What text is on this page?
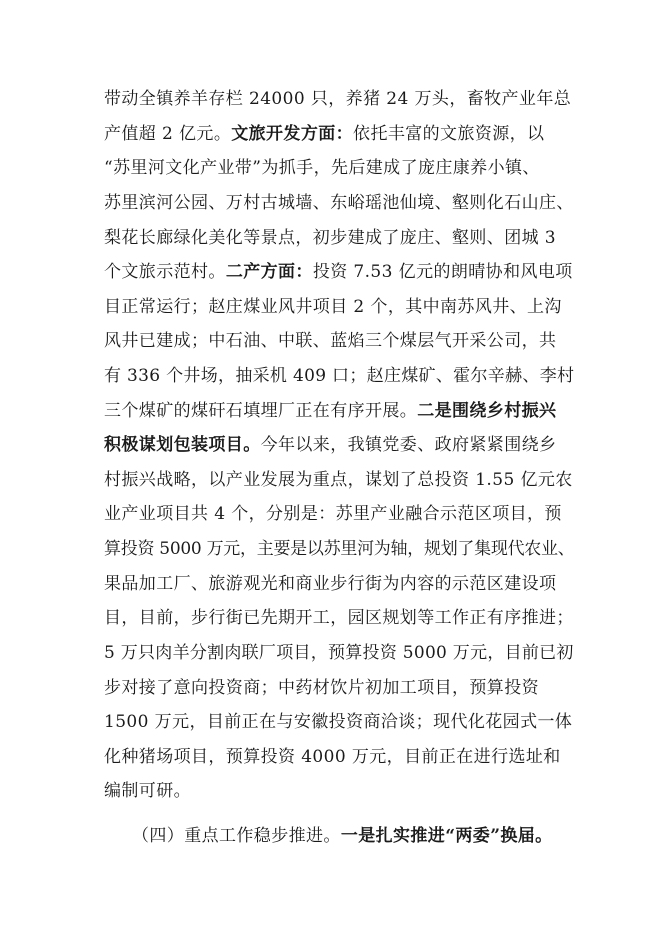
带动全镇养羊存栏 24000 只，养猪 24 万头，畜牧产业年总
产值超 2 亿元。文旅开发方面：依托丰富的文旅资源，以
“苏里河文化产业带”为抓手，先后建成了庞庄康养小镇、
苏里滨河公园、万村古城墙、东峪瑶池仙境、壑则化石山庄、
梨花长廊绿化美化等景点，初步建成了庞庄、壑则、团城 3
个文旅示范村。二产方面：投资 7.53 亿元的朗晴协和风电项
目正常运行；赵庄煤业风井项目 2 个，其中南苏风井、上沟
风井已建成；中石油、中联、蓝焰三个煤层气开采公司，共
有 336 个井场，抽采机 409 口；赵庄煤矿、霍尔辛赫、李村
三个煤矿的煤矸石填埋厂正在有序开展。二是围绕乡村振兴
积极谋划包装项目。今年以来，我镇党委、政府紧紧围绕乡
村振兴战略，以产业发展为重点，谋划了总投资 1.55 亿元农
业产业项目共 4 个，分别是：苏里产业融合示范区项目，预
算投资 5000 万元，主要是以苏里河为轴，规划了集现代农业、
果品加工厂、旅游观光和商业步行街为内容的示范区建设项
目，目前，步行街已先期开工，园区规划等工作正有序推进；
5 万只肉羊分割肉联厂项目，预算投资 5000 万元，目前已初
步对接了意向投资商；中药材饮片初加工项目，预算投资
1500 万元，目前正在与安徽投资商洽谈；现代化花园式一体
化种猪场项目，预算投资 4000 万元，目前正在进行选址和
编制可研。
（四）重点工作稳步推进。一是扎实推进“两委”换届。
